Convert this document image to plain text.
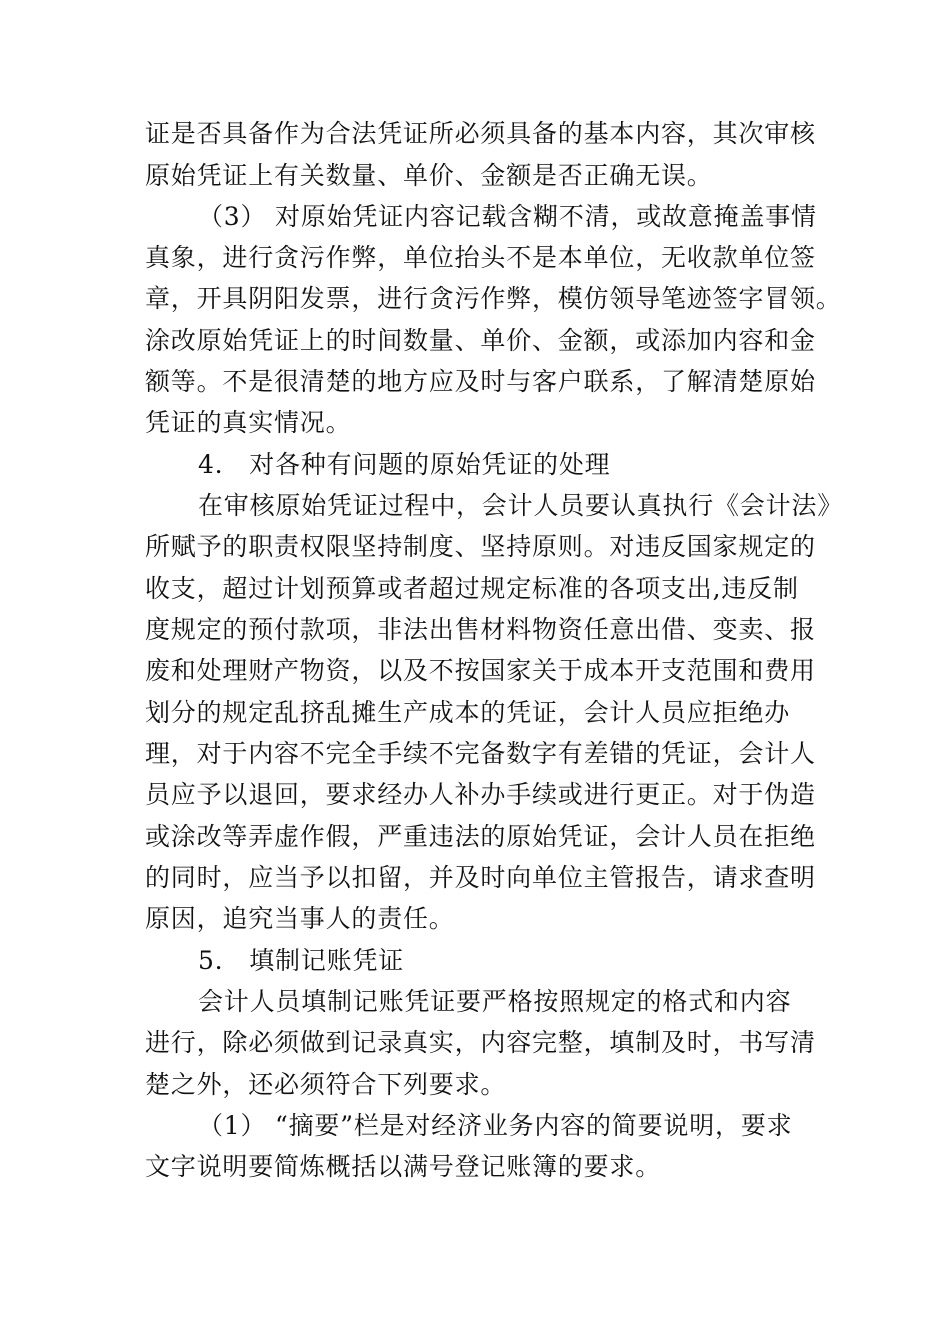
证是否具备作为合法凭证所必须具备的基本内容，其次审核
原始凭证上有关数量、单价、金额是否正确无误。
（3） 对原始凭证内容记载含糊不清，或故意掩盖事情
真象，进行贪污作弊，单位抬头不是本单位，无收款单位签
章，开具阴阳发票，进行贪污作弊，模仿领导笔迹签字冒领。
涂改原始凭证上的时间数量、单价、金额，或添加内容和金
额等。不是很清楚的地方应及时与客户联系，了解清楚原始
凭证的真实情况。
4． 对各种有问题的原始凭证的处理
在审核原始凭证过程中，会计人员要认真执行《会计法》
所赋予的职责权限坚持制度、坚持原则。对违反国家规定的
收支，超过计划预算或者超过规定标准的各项支出,违反制
度规定的预付款项，非法出售材料物资任意出借、变卖、报
废和处理财产物资，以及不按国家关于成本开支范围和费用
划分的规定乱挤乱摊生产成本的凭证，会计人员应拒绝办
理，对于内容不完全手续不完备数字有差错的凭证，会计人
员应予以退回，要求经办人补办手续或进行更正。对于伪造
或涂改等弄虚作假，严重违法的原始凭证，会计人员在拒绝
的同时，应当予以扣留，并及时向单位主管报告，请求查明
原因，追究当事人的责任。
5． 填制记账凭证
会计人员填制记账凭证要严格按照规定的格式和内容
进行，除必须做到记录真实，内容完整，填制及时，书写清
楚之外，还必须符合下列要求。
（1） “摘要”栏是对经济业务内容的简要说明，要求
文字说明要简炼概括以满号登记账簿的要求。
